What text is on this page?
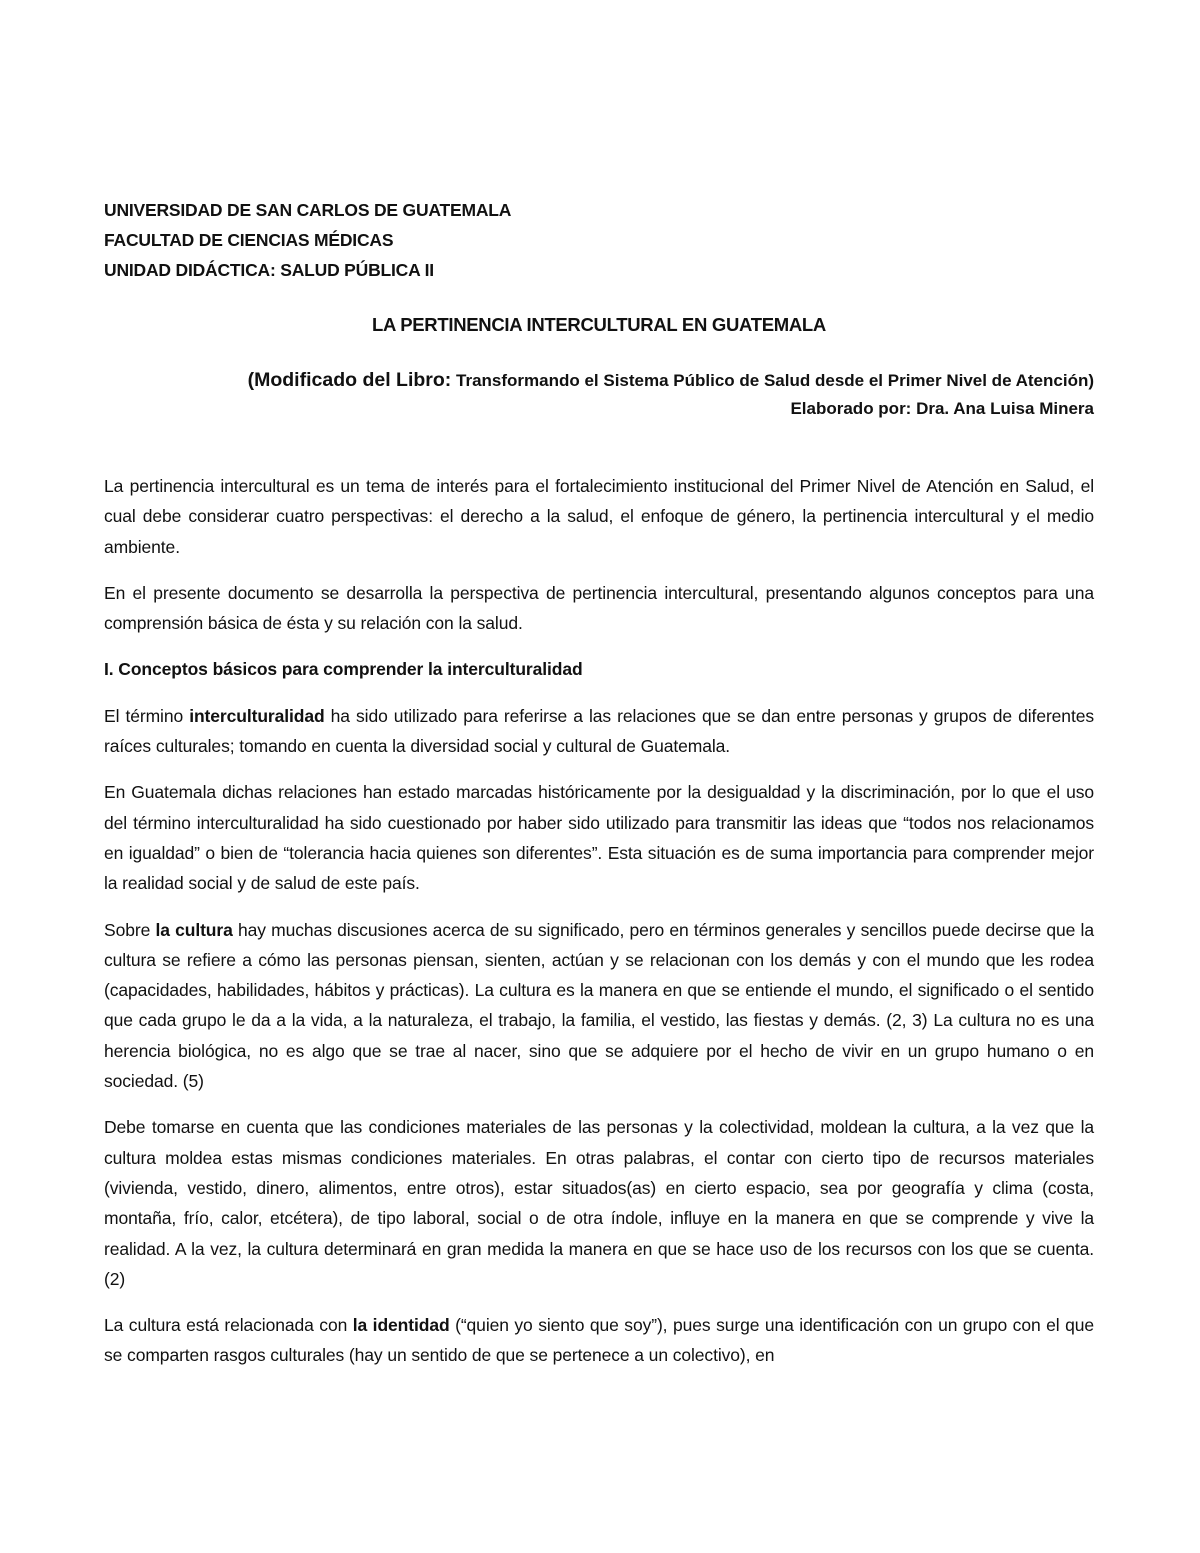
UNIVERSIDAD DE SAN CARLOS DE GUATEMALA
FACULTAD DE CIENCIAS MÉDICAS
UNIDAD DIDÁCTICA: SALUD PÚBLICA II
LA PERTINENCIA INTERCULTURAL EN GUATEMALA
(Modificado del Libro: Transformando el Sistema Público de Salud desde el Primer Nivel de Atención)
Elaborado por: Dra. Ana Luisa Minera

La pertinencia intercultural es un tema de interés para el fortalecimiento institucional del Primer Nivel de Atención en Salud, el cual debe considerar cuatro perspectivas: el derecho a la salud, el enfoque de género, la pertinencia intercultural y el medio ambiente.

En el presente documento se desarrolla la perspectiva de pertinencia intercultural, presentando algunos conceptos para una comprensión básica de ésta y su relación con la salud.

I. Conceptos básicos para comprender la interculturalidad

El término interculturalidad ha sido utilizado para referirse a las relaciones que se dan entre personas y grupos de diferentes raíces culturales; tomando en cuenta la diversidad social y cultural de Guatemala.

En Guatemala dichas relaciones han estado marcadas históricamente por la desigualdad y la discriminación, por lo que el uso del término interculturalidad ha sido cuestionado por haber sido utilizado para transmitir las ideas que “todos nos relacionamos en igualdad” o bien de “tolerancia hacia quienes son diferentes”. Esta situación es de suma importancia para comprender mejor la realidad social y de salud de este país.

Sobre la cultura hay muchas discusiones acerca de su significado, pero en términos generales y sencillos puede decirse que la cultura se refiere a cómo las personas piensan, sienten, actúan y se relacionan con los demás y con el mundo que les rodea (capacidades, habilidades, hábitos y prácticas). La cultura es la manera en que se entiende el mundo, el significado o el sentido que cada grupo le da a la vida, a la naturaleza, el trabajo, la familia, el vestido, las fiestas y demás. (2, 3) La cultura no es una herencia biológica, no es algo que se trae al nacer, sino que se adquiere por el hecho de vivir en un grupo humano o en sociedad. (5)

Debe tomarse en cuenta que las condiciones materiales de las personas y la colectividad, moldean la cultura, a la vez que la cultura moldea estas mismas condiciones materiales. En otras palabras, el contar con cierto tipo de recursos materiales (vivienda, vestido, dinero, alimentos, entre otros), estar situados(as) en cierto espacio, sea por geografía y clima (costa, montaña, frío, calor, etcétera), de tipo laboral, social o de otra índole, influye en la manera en que se comprende y vive la realidad. A la vez, la cultura determinará en gran medida la manera en que se hace uso de los recursos con los que se cuenta. (2)

La cultura está relacionada con la identidad (“quien yo siento que soy”), pues surge una identificación con un grupo con el que se comparten rasgos culturales (hay un sentido de que se pertenece a un colectivo), en
